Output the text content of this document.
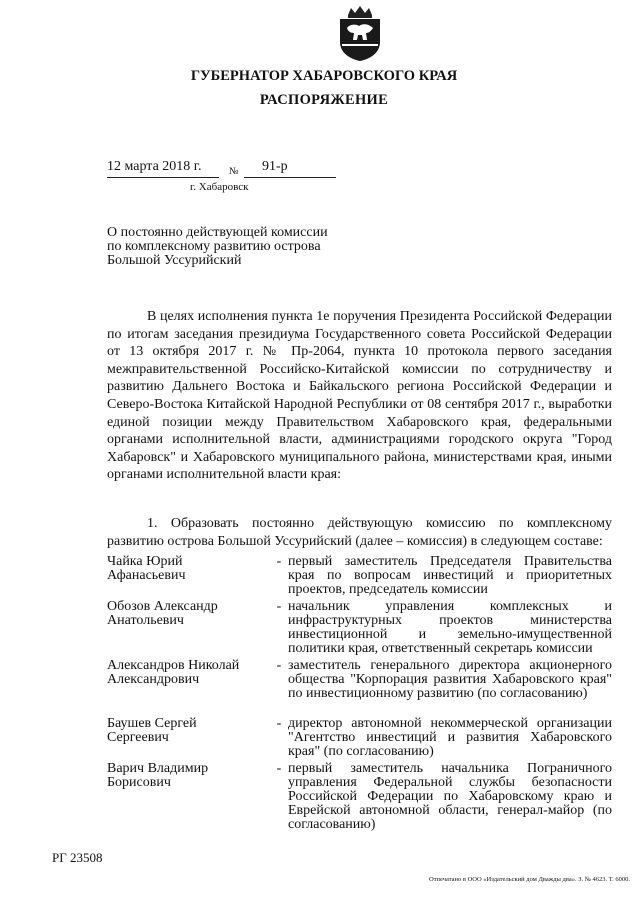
ГУБЕРНАТОР ХАБАРОВСКОГО КРАЯ
РАСПОРЯЖЕНИЕ
12 марта 2018 г.	№ 91-р
г. Хабаровск
О постоянно действующей комиссии
по комплексному развитию острова
Большой Уссурийский
В целях исполнения пункта 1е поручения Президента Российской Федерации по итогам заседания президиума Государственного совета Российской Федерации от 13 октября 2017 г. № Пр-2064, пункта 10 протокола первого заседания межправительственной Российско-Китайской комиссии по сотрудничеству и развитию Дальнего Востока и Байкальского региона Российской Федерации и Северо-Востока Китайской Народной Республики от 08 сентября 2017 г., выработки единой позиции между Правительством Хабаровского края, федеральными органами исполнительной власти, администрациями городского округа "Город Хабаровск" и Хабаровского муниципального района, министерствами края, иными органами исполнительной власти края:
1. Образовать постоянно действующую комиссию по комплексному развитию острова Большой Уссурийский (далее – комиссия) в следующем составе:
Чайка Юрий
Афанасьевич
- первый заместитель Председателя Правительства края по вопросам инвестиций и приоритетных проектов, председатель комиссии
Обозов Александр
Анатольевич
- начальник управления комплексных и инфраструктурных проектов министерства инвестиционной и земельно-имущественной политики края, ответственный секретарь комиссии
Александров Николай
Александрович
- заместитель генерального директора акционерного общества "Корпорация развития Хабаровского края" по инвестиционному развитию (по согласованию)
Баушев Сергей
Сергеевич
- директор автономной некоммерческой организации "Агентство инвестиций и развития Хабаровского края" (по согласованию)
Варич Владимир
Борисович
- первый заместитель начальника Пограничного управления Федеральной службы безопасности Российской Федерации по Хабаровскому краю и Еврейской автономной области, генерал-майор (по согласованию)
РГ 23508
Отпечатано в ООО «Издательский дом Дважды два». З. № 4623. Т. 6000.
